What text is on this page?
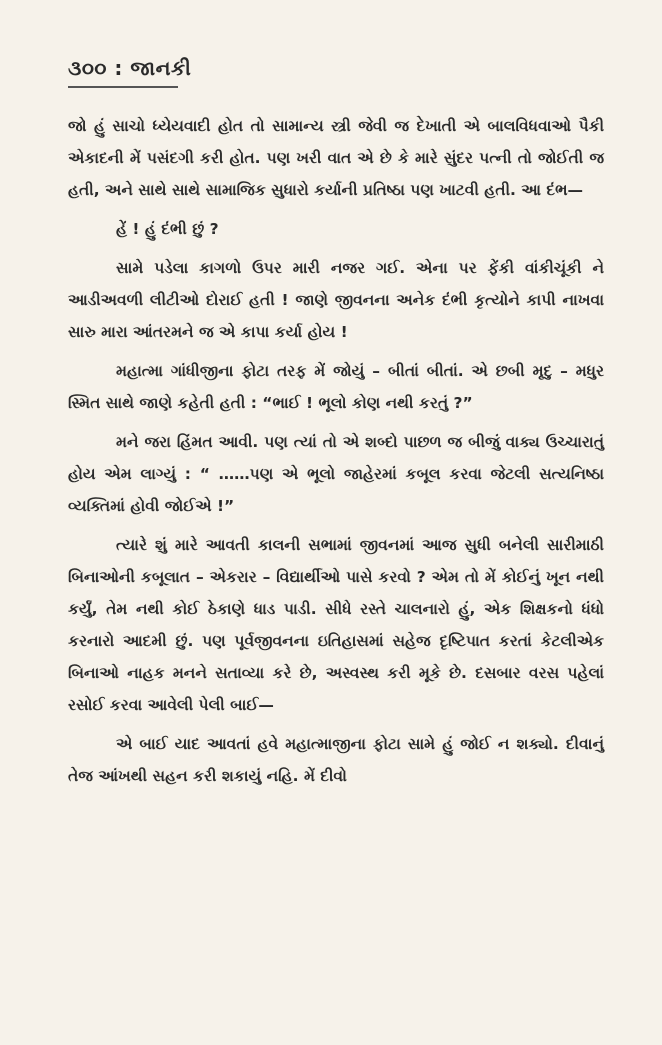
૩૦૦ : જાનકી

જો હું સાચો ધ્યેયવાદી હોત તો સામાન્ય સ્ત્રી જેવી જ દેખાતી એ બાલવિધવાઓ પૈકી એકાદની મેં પસંદગી કરી હોત. પણ ખરી વાત એ છે કે મારે સુંદર પત્ની તો જોઈતી જ હતી, અને સાથે સાથે સામાજિક સુધારો કર્યાની પ્રતિષ્ઠા પણ ખાટવી હતી. આ દંભ—

હેં ! હું દંભી છું ?

સામે પડેલા કાગળો ઉપર મારી નજર ગઈ. એના પર ફેંકી વાંકીચૂંકી ને આડીઅવળી લીટીઓ દોરાઈ હતી ! જાણે જીવનના અનેક દંભી કૃત્યોને કાપી નાખવા સારુ મારા આંતરમને જ એ કાપા કર્યા હોય !

મહાત્મા ગાંધીજીના ફોટા તરફ મેં જોયું – બીતાં બીતાં. એ છબી મૃદુ – મધુર સ્મિત સાથે જાણે કહેતી હતી : “ભાઈ ! ભૂલો કોણ નથી કરતું ?”

મને જરા હિંમત આવી. પણ ત્યાં તો એ શબ્દો પાછળ જ બીજું વાક્ય ઉચ્ચારાતું હોય એમ લાગ્યું : “ ……પણ એ ભૂલો જાહેરમાં કબૂલ કરવા જેટલી સત્યનિષ્ઠા વ્યક્તિમાં હોવી જોઈએ !”

ત્યારે શું મારે આવતી કાલની સભામાં જીવનમાં આજ સુધી બનેલી સારીમાઠી બિનાઓની કબૂલાત – એકરાર – વિદ્યાર્થીઓ પાસે કરવો ? એમ તો મેં કોઈનું ખૂન નથી કર્યું, તેમ નથી કોઈ ઠેકાણે ધાડ પાડી. સીધે રસ્તે ચાલનારો હું, એક શિક્ષકનો ધંધો કરનારો આદમી છું. પણ પૂર્વજીવનના ઇતિહાસમાં સહેજ દૃષ્ટિપાત કરતાં કેટલીએક બિનાઓ નાહક મનને સતાવ્યા કરે છે, અસ્વસ્થ કરી મૂકે છે. દસબાર વરસ પહેલાં રસોઈ કરવા આવેલી પેલી બાઈ—

એ બાઈ યાદ આવતાં હવે મહાત્માજીના ફોટા સામે હું જોઈ ન શક્યો. દીવાનું તેજ આંખથી સહન કરી શકાયું નહિ. મેં દીવો
